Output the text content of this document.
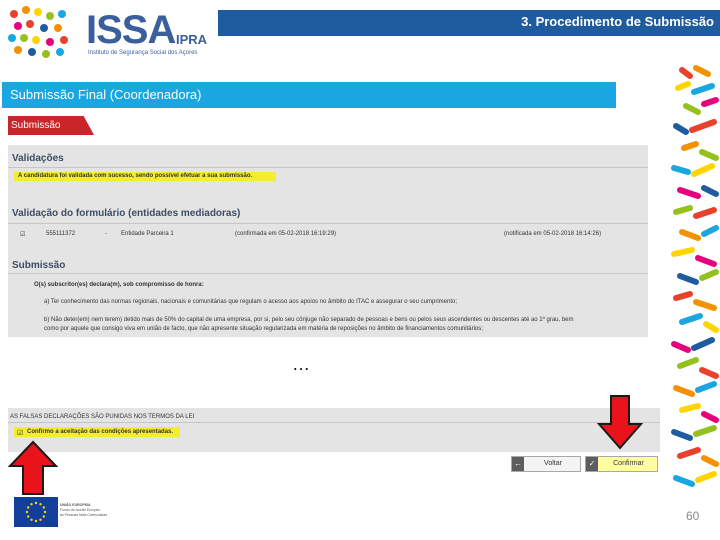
ISSA IPRA
Instituto de Segurança Social dos Açores
3. Procedimento de Submissão
Submissão Final (Coordenadora)
Submissão
Validações
A candidatura foi validada com sucesso, sendo possível efetuar a sua submissão.
Validação do formulário (entidades mediadoras)
☑	555111372	- Entidade Parceira 1	(confirmada em 05-02-2018 16:19:29)	(notificada em 05-02-2018 16:14:26)
Submissão
O(s) subscritor(es) declara(m), sob compromisso de honra:
a) Ter conhecimento das normas regionais, nacionais e comunitárias que regulam o acesso aos apoios no âmbito do ITAC e assegurar o seu cumprimento;
b) Não deter(em) nem terem) detido mais de 50% do capital de uma empresa, por si, pelo seu cônjuge não separado de pessoas e bens ou pelos seus ascendentes ou descentes até ao 1º grau, bem
como por aquele que consigo viva em união de facto, que não apresente situação regularizada em matéria de reposições no âmbito de financiamentos comunitários;
…
AS FALSAS DECLARAÇÕES SÃO PUNIDAS NOS TERMOS DA LEI
☑ Confirmo a aceitação das condições apresentadas.
←	Voltar	✓	Confirmar
UNIÃO EUROPEIA
Fundo de Auxílio Europeu
às Pessoas Mais Carenciadas	60
